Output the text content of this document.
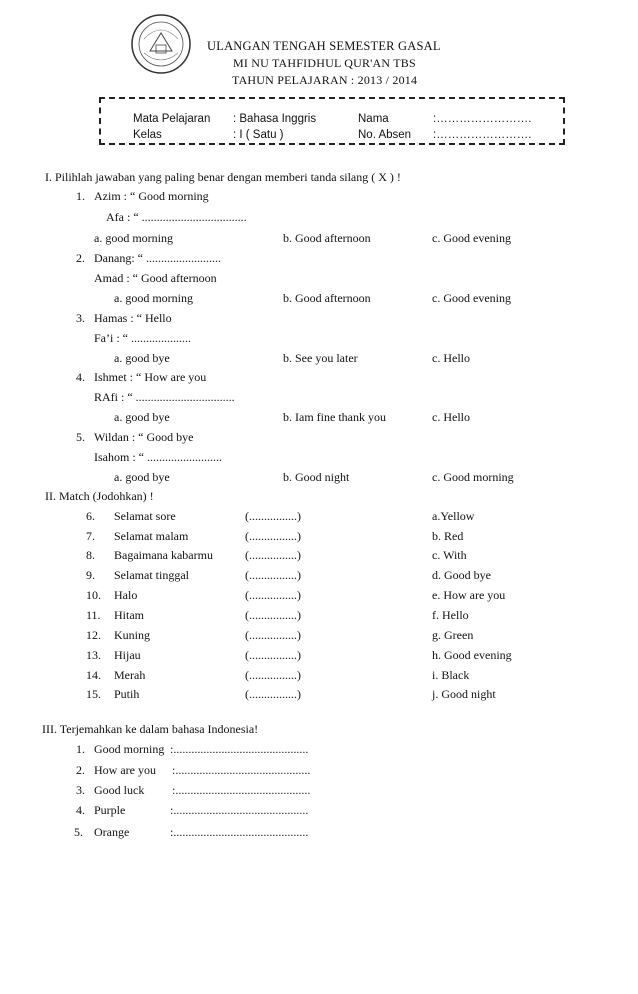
ULANGAN TENGAH SEMESTER GASAL
MI NU TAHFIDHUL QUR'AN TBS
TAHUN PELAJARAN : 2013 / 2014
Mata Pelajaran : Bahasa Inggris	Nama	:…………………….
Kelas	: I ( Satu )	No. Absen :…………………….
I. Pilihlah jawaban yang paling benar dengan memberi tanda silang ( X ) !
1. Azim : “ Good morning
Afa : “ ...................................
a. good morning	b. Good afternoon	c. Good evening
2. Danang: “ .........................
Amad : “ Good afternoon
a. good morning	b. Good afternoon	c. Good evening
3. Hamas : “ Hello
Fa’i : “ ....................
a. good bye	b. See you later	c. Hello
4. Ishmet : “ How are you
RAfi : “ .................................
a. good bye	b. Iam fine thank you	c. Hello
5. Wildan : “ Good bye
Isahom : “ .........................
a. good bye	b. Good night	c. Good morning
II. Match (Jodohkan) !
6. Selamat sore	(................)	a.Yellow
7. Selamat malam	(................)	b. Red
8. Bagaimana kabarmu	(................)	c. With
9. Selamat tinggal	(................)	d. Good bye
10. Halo	(................)	e. How are you
11. Hitam	(................)	f. Hello
12. Kuning	(................)	g. Green
13. Hijau	(................)	h. Good evening
14. Merah	(................)	i. Black
15. Putih	(................)	j. Good night
III. Terjemahkan ke dalam bahasa Indonesia!
1. Good morning :.............................................
2. How are you :.............................................
3. Good luck :.............................................
4. Purple	:.............................................
5. Orange	:.............................................
